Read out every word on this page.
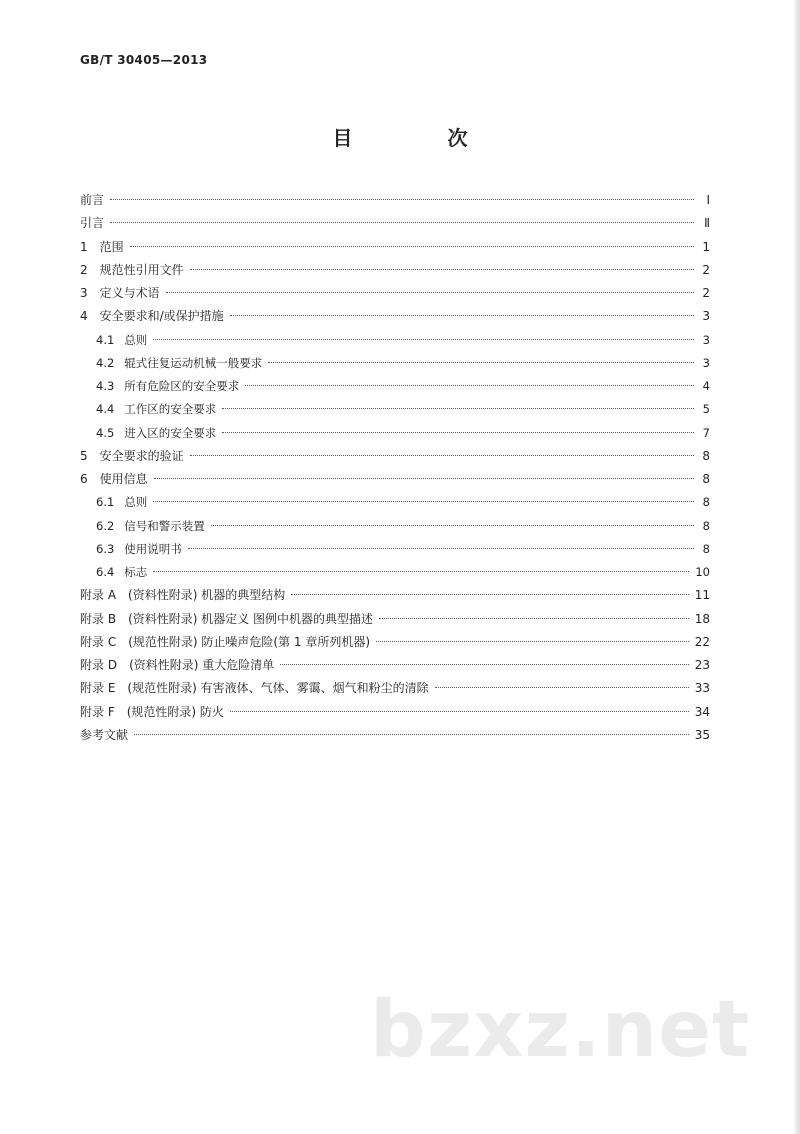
GB/T 30405—2013
目 次
前言	Ⅰ
引言	Ⅱ
1 范围	1
2 规范性引用文件	2
3 定义与术语	2
4 安全要求和/或保护措施	3
4.1 总则	3
4.2 辊式往复运动机械一般要求	3
4.3 所有危险区的安全要求	4
4.4 工作区的安全要求	5
4.5 进入区的安全要求	7
5 安全要求的验证	8
6 使用信息	8
6.1 总则	8
6.2 信号和警示装置	8
6.3 使用说明书	8
6.4 标志	10
附录 A (资料性附录) 机器的典型结构	11
附录 B (资料性附录) 机器定义 图例中机器的典型描述	18
附录 C (规范性附录) 防止噪声危险(第 1 章所列机器)	22
附录 D (资料性附录) 重大危险清单	23
附录 E (规范性附录) 有害液体、气体、雾霭、烟气和粉尘的清除	33
附录 F (规范性附录) 防火	34
参考文献	35
bzxz.net
